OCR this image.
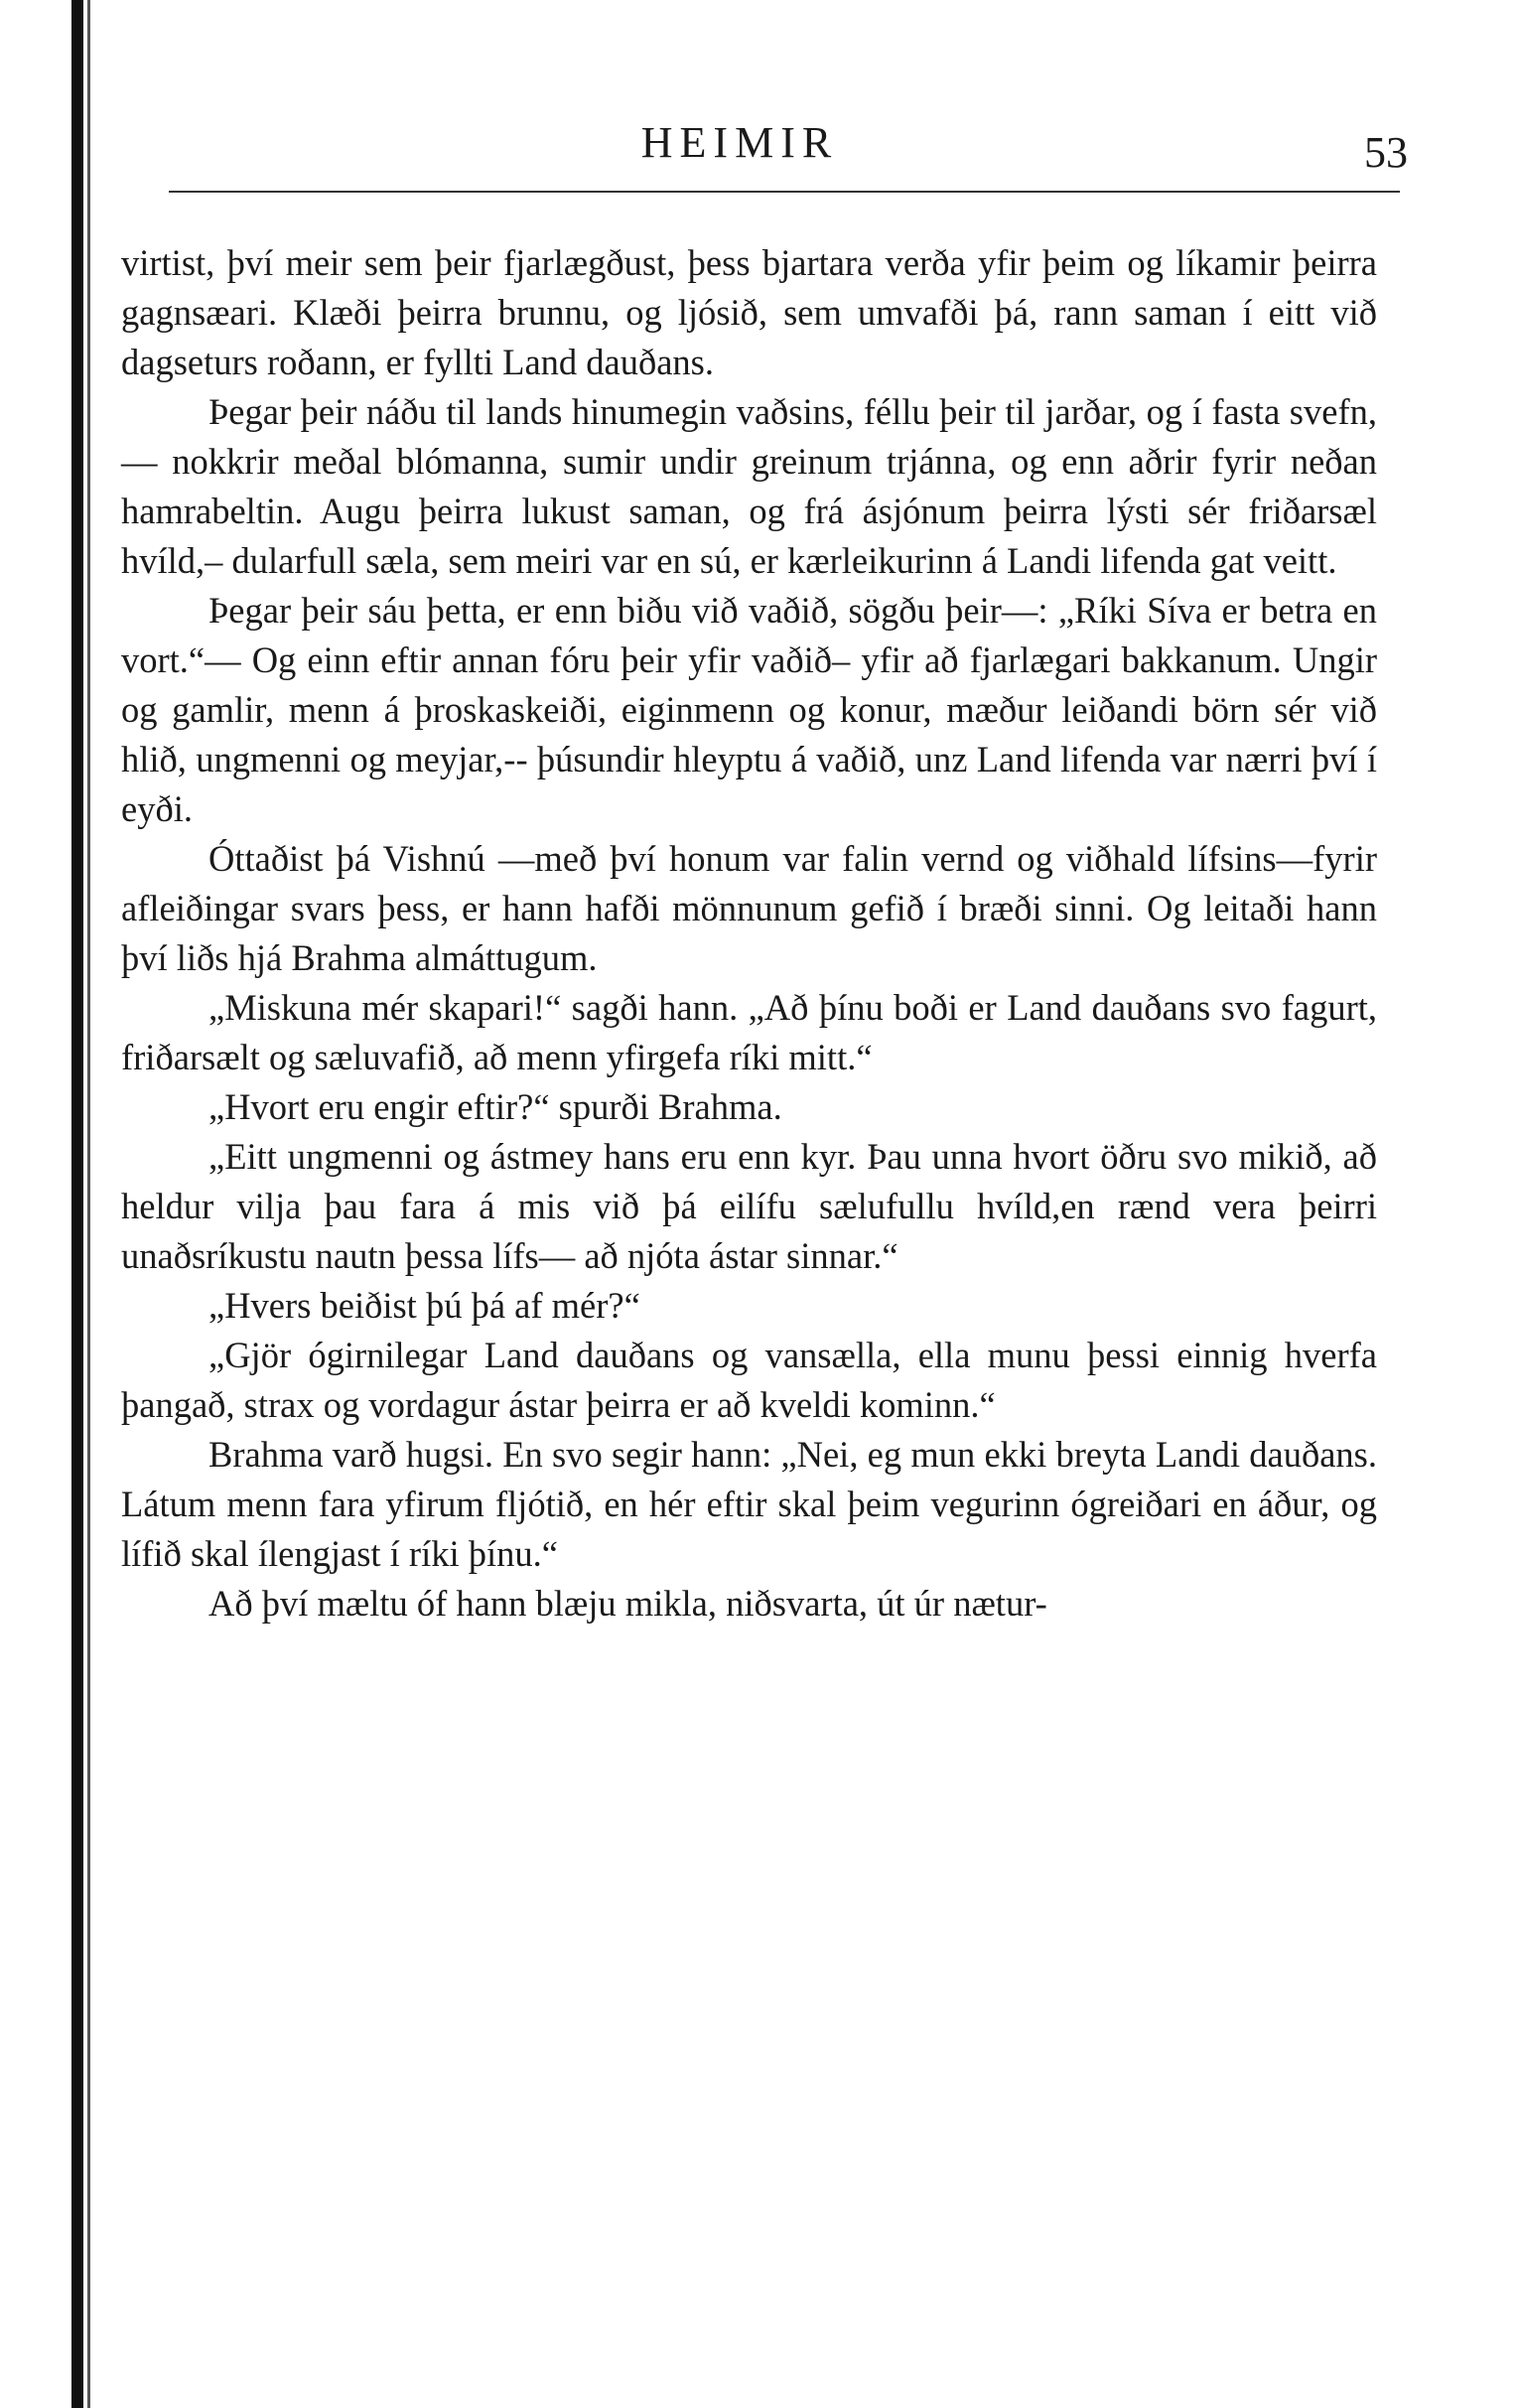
HEIMIR	53

virtist, því meir sem þeir fjarlægðust, þess bjartara verða yfir þeim og líkamir þeirra gagnsæari. Klæði þeirra brunnu, og ljósið, sem umvafði þá, rann saman í eitt við dagseturs roðann, er fyllti Land dauðans.

Þegar þeir náðu til lands hinumegin vaðsins, féllu þeir til jarðar, og í fasta svefn,— nokkrir meðal blómanna, sumir undir greinum trjánna, og enn aðrir fyrir neðan hamrabeltin. Augu þeirra lukust saman, og frá ásjónum þeirra lýsti sér friðarsæl hvíld,– dularfull sæla, sem meiri var en sú, er kærleikurinn á Landi lifenda gat veitt.

Þegar þeir sáu þetta, er enn biðu við vaðið, sögðu þeir—: „Ríki Síva er betra en vort.“— Og einn eftir annan fóru þeir yfir vaðið– yfir að fjarlægari bakkanum. Ungir og gamlir, menn á þroskaskeiði, eiginmenn og konur, mæður leiðandi börn sér við hlið, ungmenni og meyjar,-- þúsundir hleyptu á vaðið, unz Land lifenda var nærri því í eyði.

Óttaðist þá Vishnú —með því honum var falin vernd og viðhald lífsins—fyrir afleiðingar svars þess, er hann hafði mönnunum gefið í bræði sinni. Og leitaði hann því liðs hjá Brahma almáttugum.

„Miskuna mér skapari!“ sagði hann. „Að þínu boði er Land dauðans svo fagurt, friðarsælt og sæluvafið, að menn yfirgefa ríki mitt.“

„Hvort eru engir eftir?“ spurði Brahma.

„Eitt ungmenni og ástmey hans eru enn kyr. Þau unna hvort öðru svo mikið, að heldur vilja þau fara á mis við þá eilífu sælufullu hvíld,en rænd vera þeirri unaðsríkustu nautn þessa lífs— að njóta ástar sinnar.“

„Hvers beiðist þú þá af mér?“

„Gjör ógirnilegar Land dauðans og vansælla, ella munu þessi einnig hverfa þangað, strax og vordagur ástar þeirra er að kveldi kominn.“

Brahma varð hugsi. En svo segir hann: „Nei, eg mun ekki breyta Landi dauðans. Látum menn fara yfirum fljótið, en hér eftir skal þeim vegurinn ógreiðari en áður, og lífið skal ílengjast í ríki þínu.“

Að því mæltu óf hann blæju mikla, niðsvarta, út úr nætur-
